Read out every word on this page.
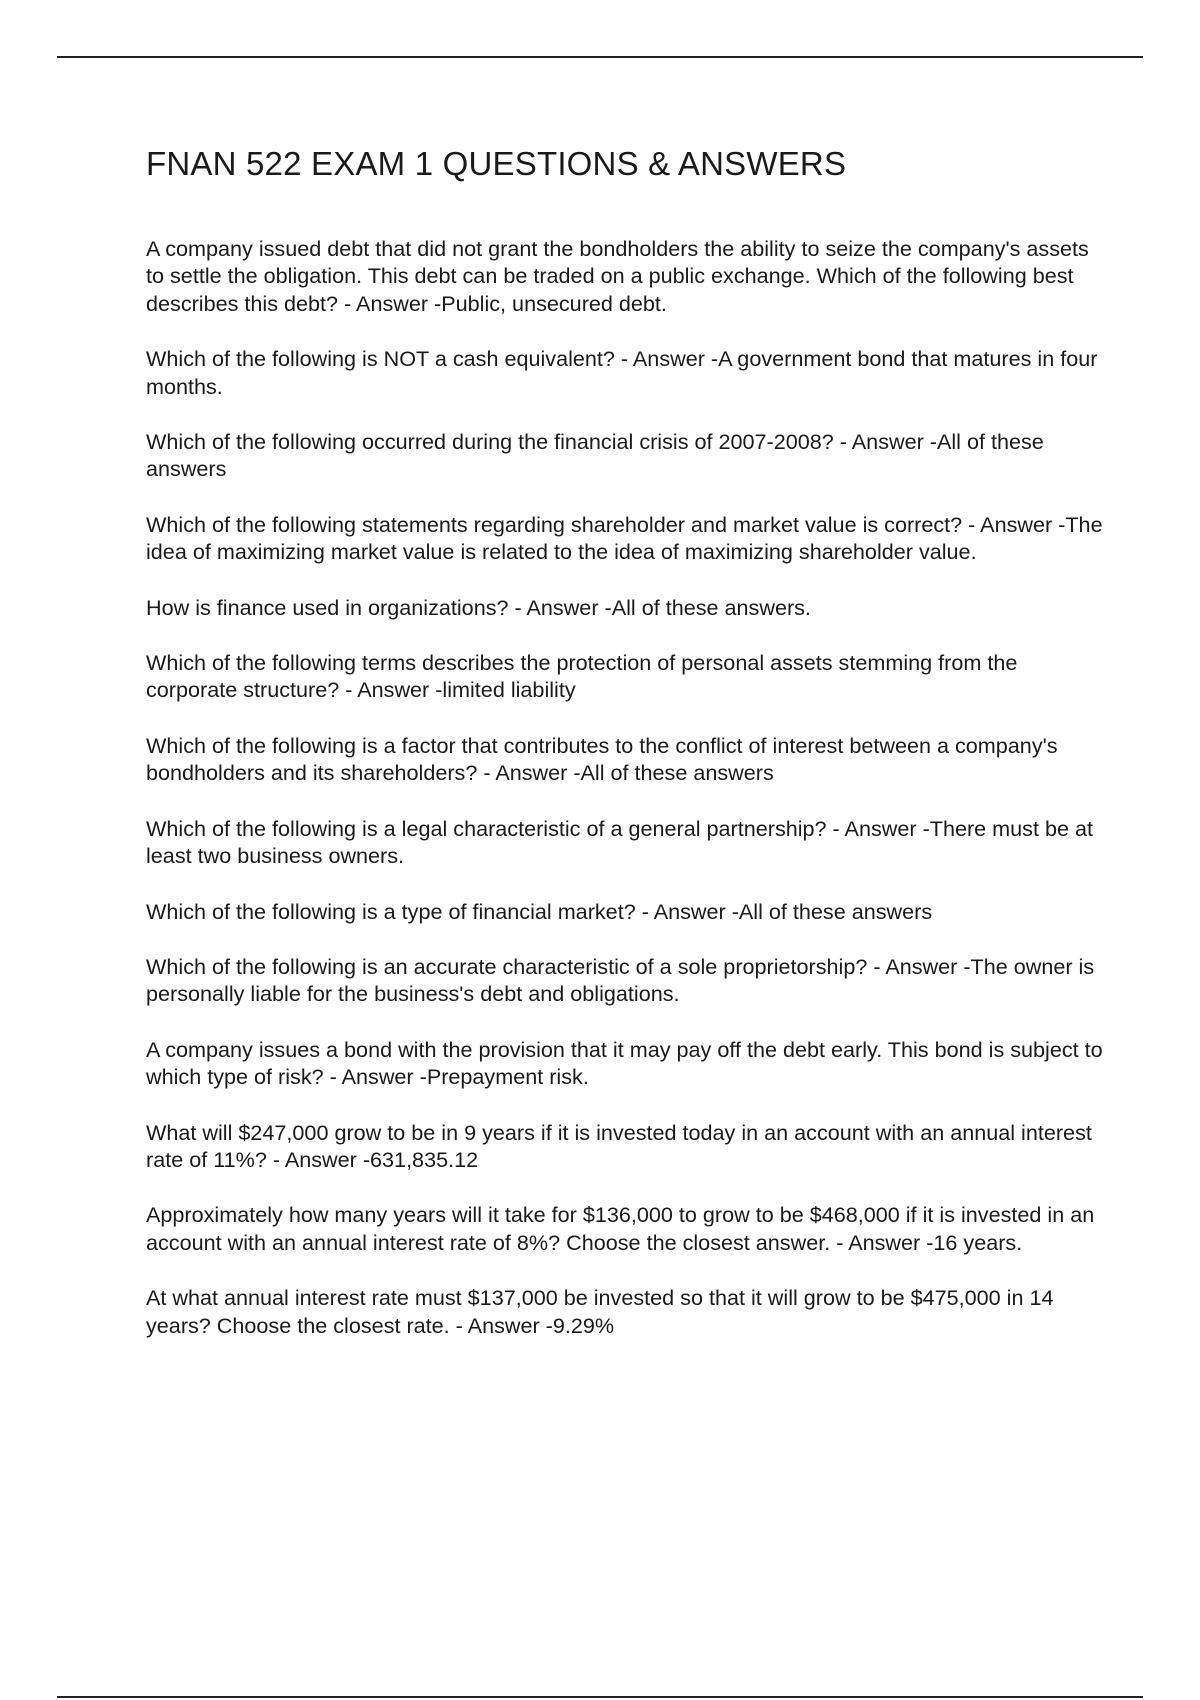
FNAN 522 EXAM 1 QUESTIONS & ANSWERS
A company issued debt that did not grant the bondholders the ability to seize the company's assets to settle the obligation. This debt can be traded on a public exchange. Which of the following best describes this debt? - Answer -Public, unsecured debt.
Which of the following is NOT a cash equivalent? - Answer -A government bond that matures in four months.
Which of the following occurred during the financial crisis of 2007-2008? - Answer -All of these answers
Which of the following statements regarding shareholder and market value is correct? - Answer -The idea of maximizing market value is related to the idea of maximizing shareholder value.
How is finance used in organizations? - Answer -All of these answers.
Which of the following terms describes the protection of personal assets stemming from the corporate structure? - Answer -limited liability
Which of the following is a factor that contributes to the conflict of interest between a company's bondholders and its shareholders? - Answer -All of these answers
Which of the following is a legal characteristic of a general partnership? - Answer -There must be at least two business owners.
Which of the following is a type of financial market? - Answer -All of these answers
Which of the following is an accurate characteristic of a sole proprietorship? - Answer -The owner is personally liable for the business's debt and obligations.
A company issues a bond with the provision that it may pay off the debt early. This bond is subject to which type of risk? - Answer -Prepayment risk.
What will $247,000 grow to be in 9 years if it is invested today in an account with an annual interest rate of 11%? - Answer -631,835.12
Approximately how many years will it take for $136,000 to grow to be $468,000 if it is invested in an account with an annual interest rate of 8%? Choose the closest answer. - Answer -16 years.
At what annual interest rate must $137,000 be invested so that it will grow to be $475,000 in 14 years? Choose the closest rate. - Answer -9.29%
